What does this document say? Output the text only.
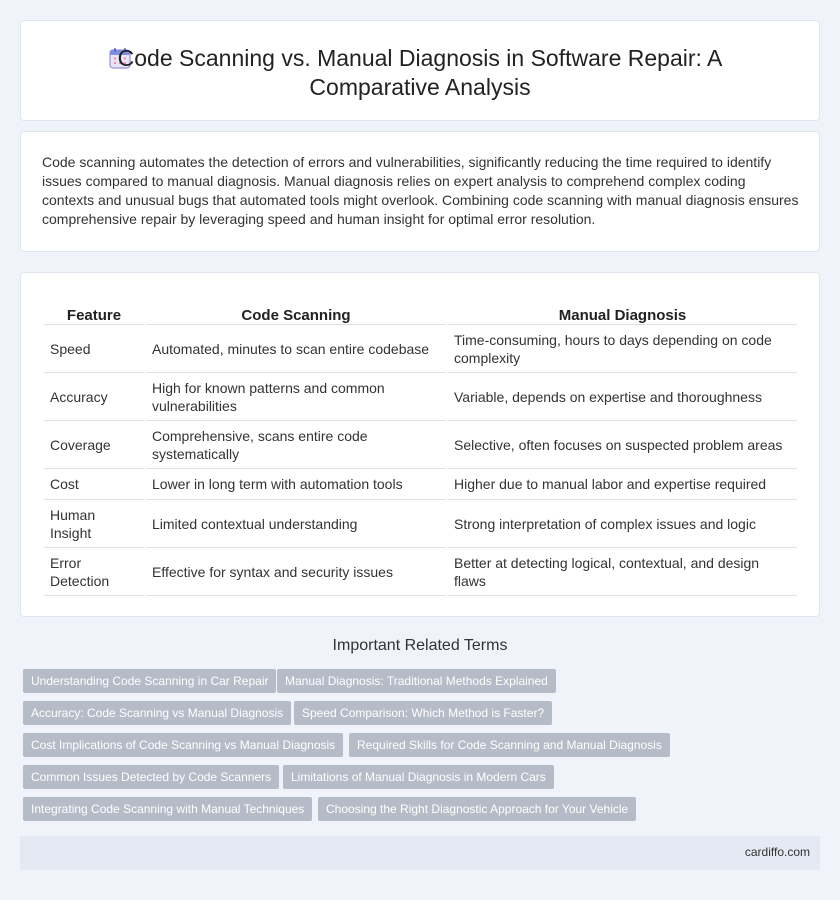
Code Scanning vs. Manual Diagnosis in Software Repair: A Comparative Analysis

Code scanning automates the detection of errors and vulnerabilities, significantly reducing the time required to identify issues compared to manual diagnosis. Manual diagnosis relies on expert analysis to comprehend complex coding contexts and unusual bugs that automated tools might overlook. Combining code scanning with manual diagnosis ensures comprehensive repair by leveraging speed and human insight for optimal error resolution.

Feature	Code Scanning	Manual Diagnosis
Speed	Automated, minutes to scan entire codebase	Time-consuming, hours to days depending on code complexity
Accuracy	High for known patterns and common vulnerabilities	Variable, depends on expertise and thoroughness
Coverage	Comprehensive, scans entire code systematically	Selective, often focuses on suspected problem areas
Cost	Lower in long term with automation tools	Higher due to manual labor and expertise required
Human Insight	Limited contextual understanding	Strong interpretation of complex issues and logic
Error Detection	Effective for syntax and security issues	Better at detecting logical, contextual, and design flaws
Important Related Terms
Understanding Code Scanning in Car Repair	Manual Diagnosis: Traditional Methods Explained
Accuracy: Code Scanning vs Manual Diagnosis	Speed Comparison: Which Method is Faster?
Cost Implications of Code Scanning vs Manual Diagnosis	Required Skills for Code Scanning and Manual Diagnosis
Common Issues Detected by Code Scanners	Limitations of Manual Diagnosis in Modern Cars
Integrating Code Scanning with Manual Techniques	Choosing the Right Diagnostic Approach for Your Vehicle
cardiffo.com
